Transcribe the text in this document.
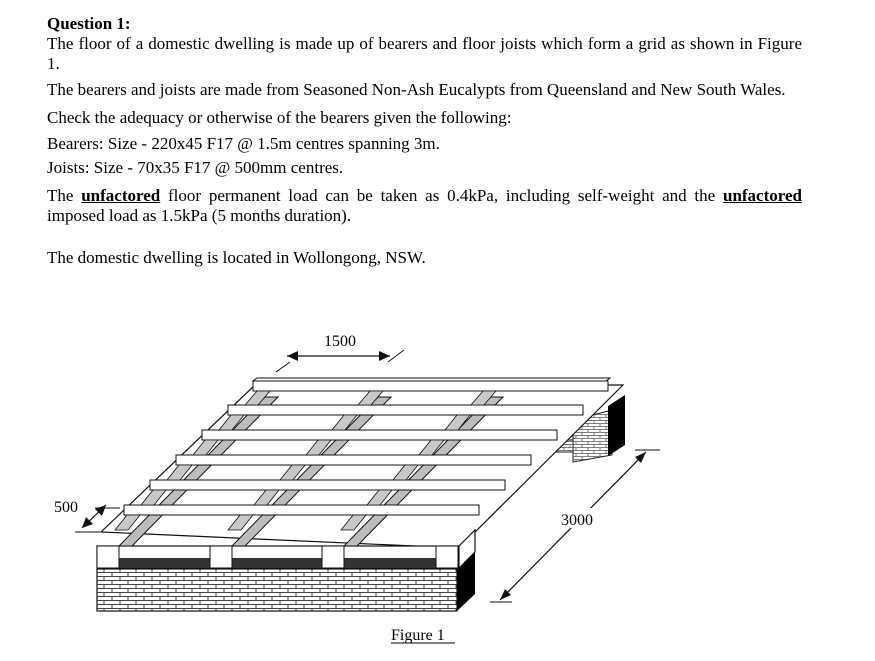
Question 1:

The floor of a domestic dwelling is made up of bearers and floor joists which form a grid as shown in Figure 1.

The bearers and joists are made from Seasoned Non-Ash Eucalypts from Queensland and New South Wales.

Check the adequacy or otherwise of the bearers given the following:

Bearers: Size - 220x45 F17 @ 1.5m centres spanning 3m.

Joists: Size - 70x35 F17 @ 500mm centres.

The unfactored floor permanent load can be taken as 0.4kPa, including self-weight and the unfactored imposed load as 1.5kPa (5 months duration).

The domestic dwelling is located in Wollongong, NSW.

1500
500
3000
Figure 1
